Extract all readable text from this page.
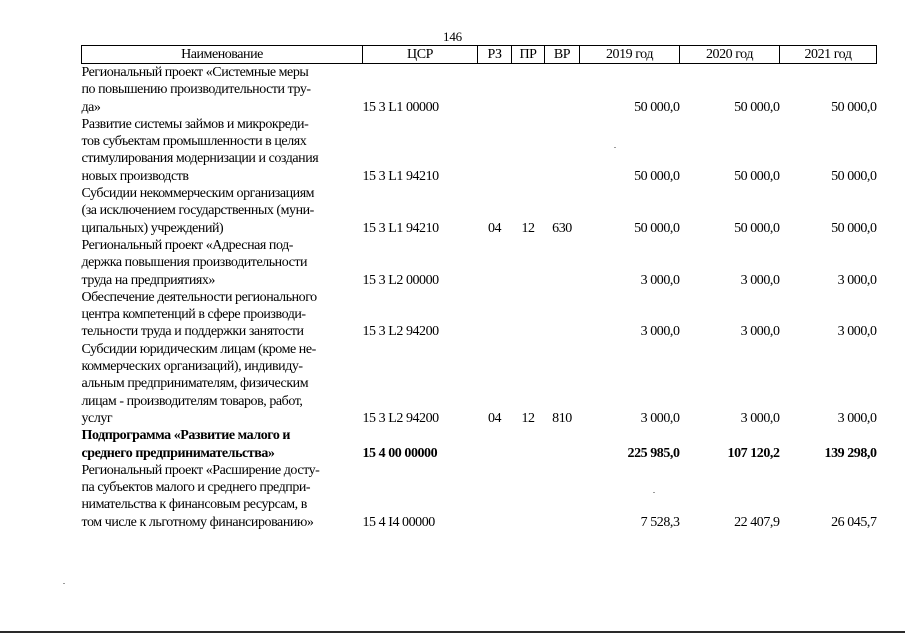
146
Наименование	ЦСР	РЗ	ПР	ВР	2019 год	2020 год	2021 год

Региональный проект «Системные меры
по повышению производительности тру-
да»	15 3 L1 00000				50 000,0	50 000,0	50 000,0

Развитие системы займов и микрокреди-
тов субъектам промышленности в целях
стимулирования модернизации и создания
новых производств	15 3 L1 94210				50 000,0	50 000,0	50 000,0

Субсидии некоммерческим организациям
(за исключением государственных (муни-
ципальных) учреждений)	15 3 L1 94210	04	12	630	50 000,0	50 000,0	50 000,0

Региональный проект «Адресная под-
держка повышения производительности
труда на предприятиях»	15 3 L2 00000				3 000,0	3 000,0	3 000,0

Обеспечение деятельности регионального
центра компетенций в сфере производи-
тельности труда и поддержки занятости	15 3 L2 94200				3 000,0	3 000,0	3 000,0

Субсидии юридическим лицам (кроме не-
коммерческих организаций), индивиду-
альным предпринимателям, физическим
лицам - производителям товаров, работ,
услуг	15 3 L2 94200	04	12	810	3 000,0	3 000,0	3 000,0

Подпрограмма «Развитие малого и
среднего предпринимательства»	15 4 00 00000				225 985,0	107 120,2	139 298,0

Региональный проект «Расширение досту-
па субъектов малого и среднего предпри-
нимательства к финансовым ресурсам, в
том числе к льготному финансированию»	15 4 I4 00000				7 528,3	22 407,9	26 045,7
